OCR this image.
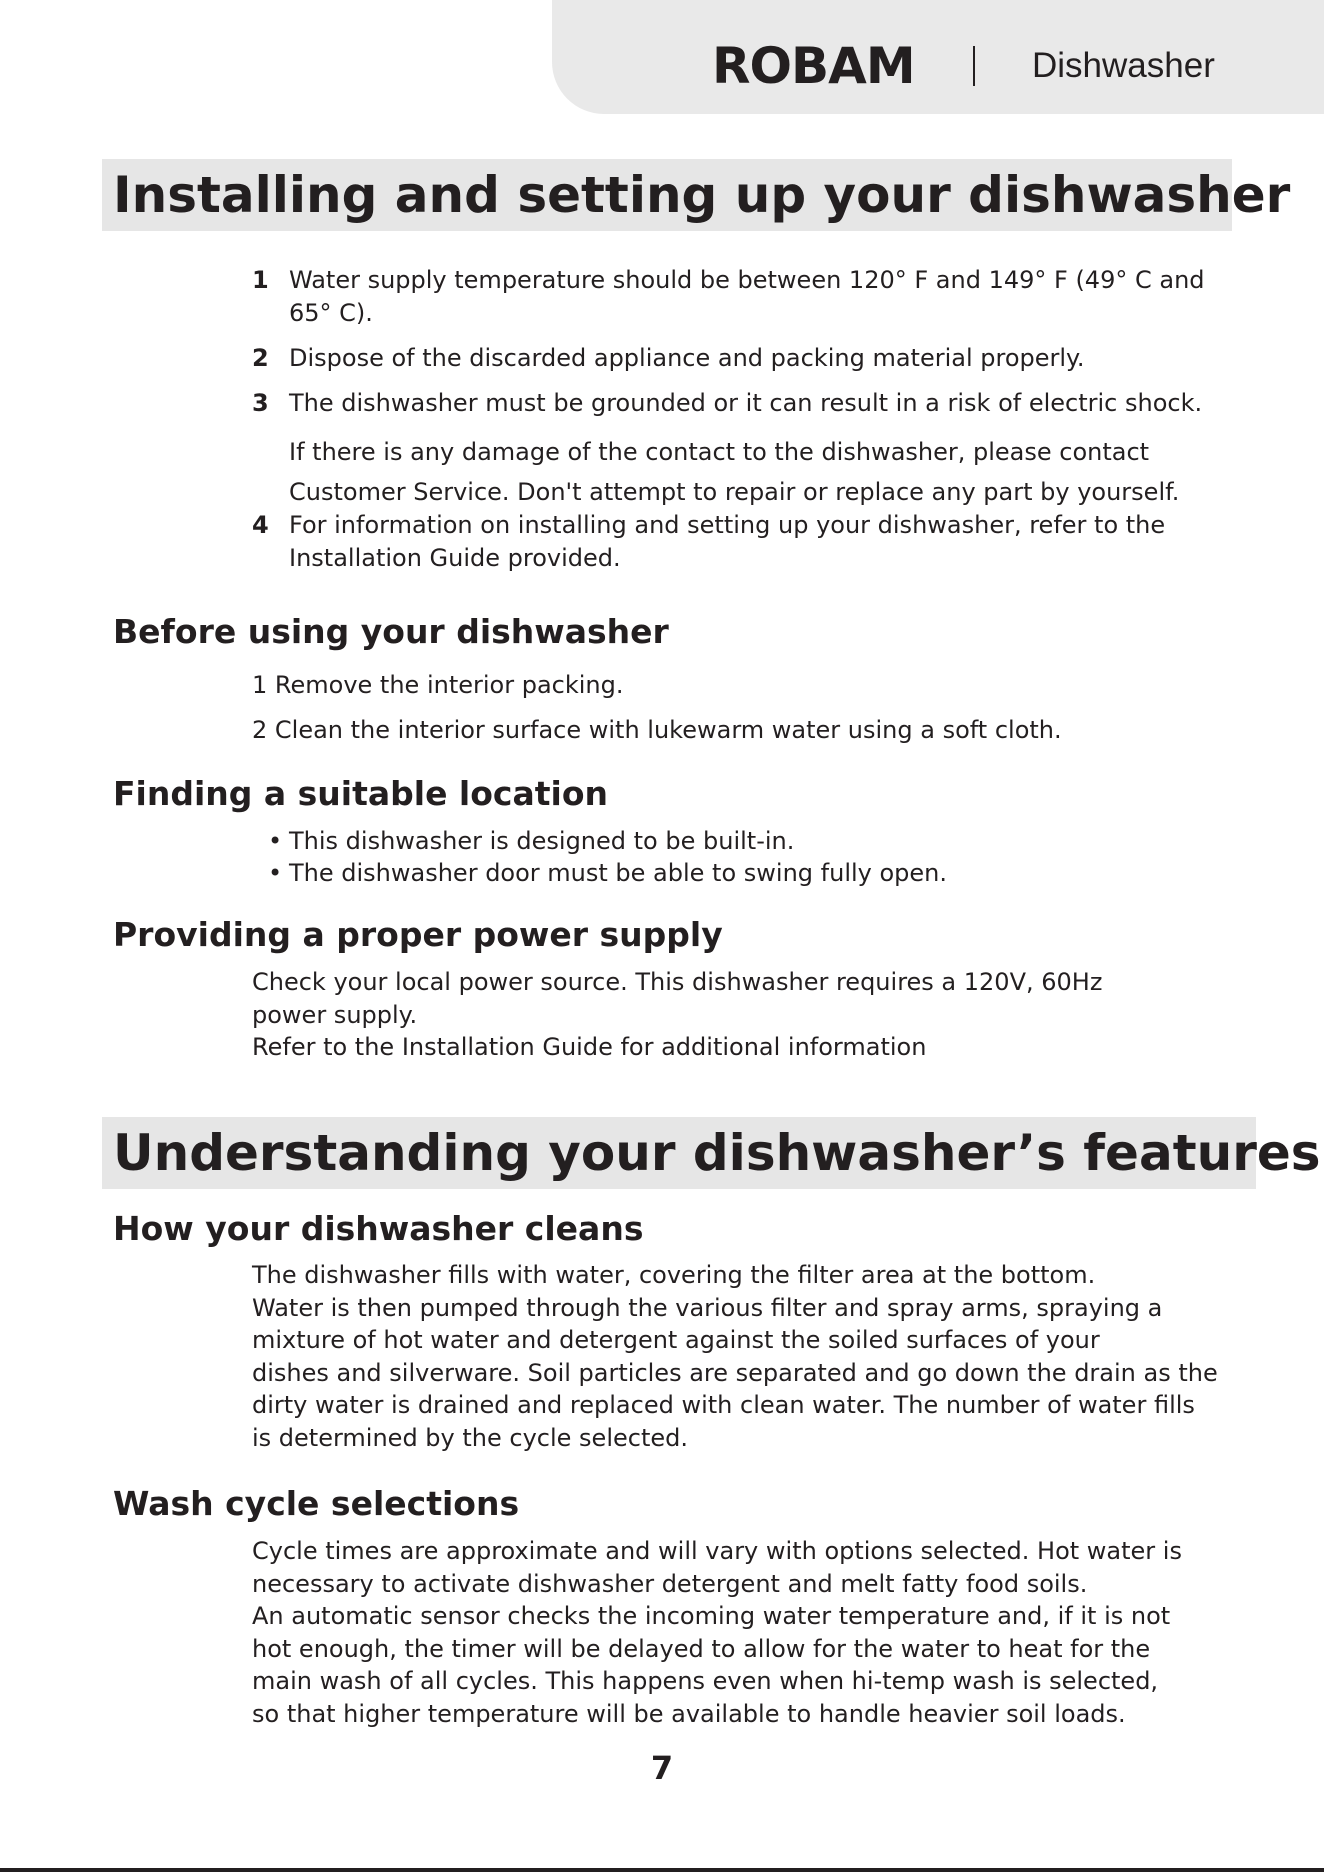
ROBAM	Dishwasher
Installing and setting up your dishwasher
1 Water supply temperature should be between 120° F and 149° F (49° C and
65° C).
2 Dispose of the discarded appliance and packing material properly.
3 The dishwasher must be grounded or it can result in a risk of electric shock.
If there is any damage of the contact to the dishwasher, please contact
Customer Service. Don't attempt to repair or replace any part by yourself.
4 For information on installing and setting up your dishwasher, refer to the
Installation Guide provided.
Before using your dishwasher
1 Remove the interior packing.
2 Clean the interior surface with lukewarm water using a soft cloth.
Finding a suitable location
• This dishwasher is designed to be built-in.
• The dishwasher door must be able to swing fully open.
Providing a proper power supply
Check your local power source. This dishwasher requires a 120V, 60Hz
power supply.
Refer to the Installation Guide for additional information
Understanding your dishwasher’s features
How your dishwasher cleans
The dishwasher fills with water, covering the filter area at the bottom.
Water is then pumped through the various filter and spray arms, spraying a
mixture of hot water and detergent against the soiled surfaces of your
dishes and silverware. Soil particles are separated and go down the drain as the
dirty water is drained and replaced with clean water. The number of water fills
is determined by the cycle selected.
Wash cycle selections
Cycle times are approximate and will vary with options selected. Hot water is
necessary to activate dishwasher detergent and melt fatty food soils.
An automatic sensor checks the incoming water temperature and, if it is not
hot enough, the timer will be delayed to allow for the water to heat for the
main wash of all cycles. This happens even when hi-temp wash is selected,
so that higher temperature will be available to handle heavier soil loads.
7
